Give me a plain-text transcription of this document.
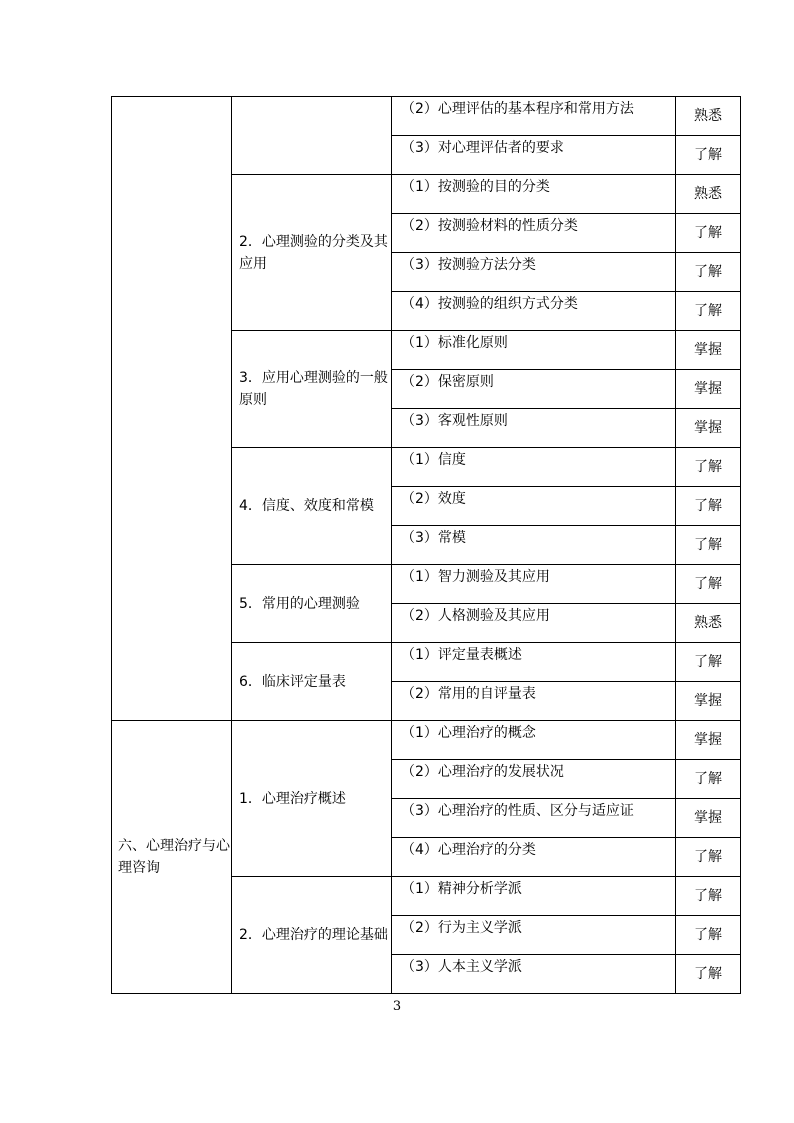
		（2）心理评估的基本程序和常用方法	熟悉
		（3）对心理评估者的要求	了解
	2．心理测验的分类及其应用	（1）按测验的目的分类	熟悉
		（2）按测验材料的性质分类	了解
		（3）按测验方法分类	了解
		（4）按测验的组织方式分类	了解
	3．应用心理测验的一般原则	（1）标准化原则	掌握
		（2）保密原则	掌握
		（3）客观性原则	掌握
	4．信度、效度和常模	（1）信度	了解
		（2）效度	了解
		（3）常模	了解
	5．常用的心理测验	（1）智力测验及其应用	了解
		（2）人格测验及其应用	熟悉
	6．临床评定量表	（1）评定量表概述	了解
		（2）常用的自评量表	掌握
六、心理治疗与心理咨询	1．心理治疗概述	（1）心理治疗的概念	掌握
		（2）心理治疗的发展状况	了解
		（3）心理治疗的性质、区分与适应证	掌握
		（4）心理治疗的分类	了解
	2．心理治疗的理论基础	（1）精神分析学派	了解
		（2）行为主义学派	了解
		（3）人本主义学派	了解
3
